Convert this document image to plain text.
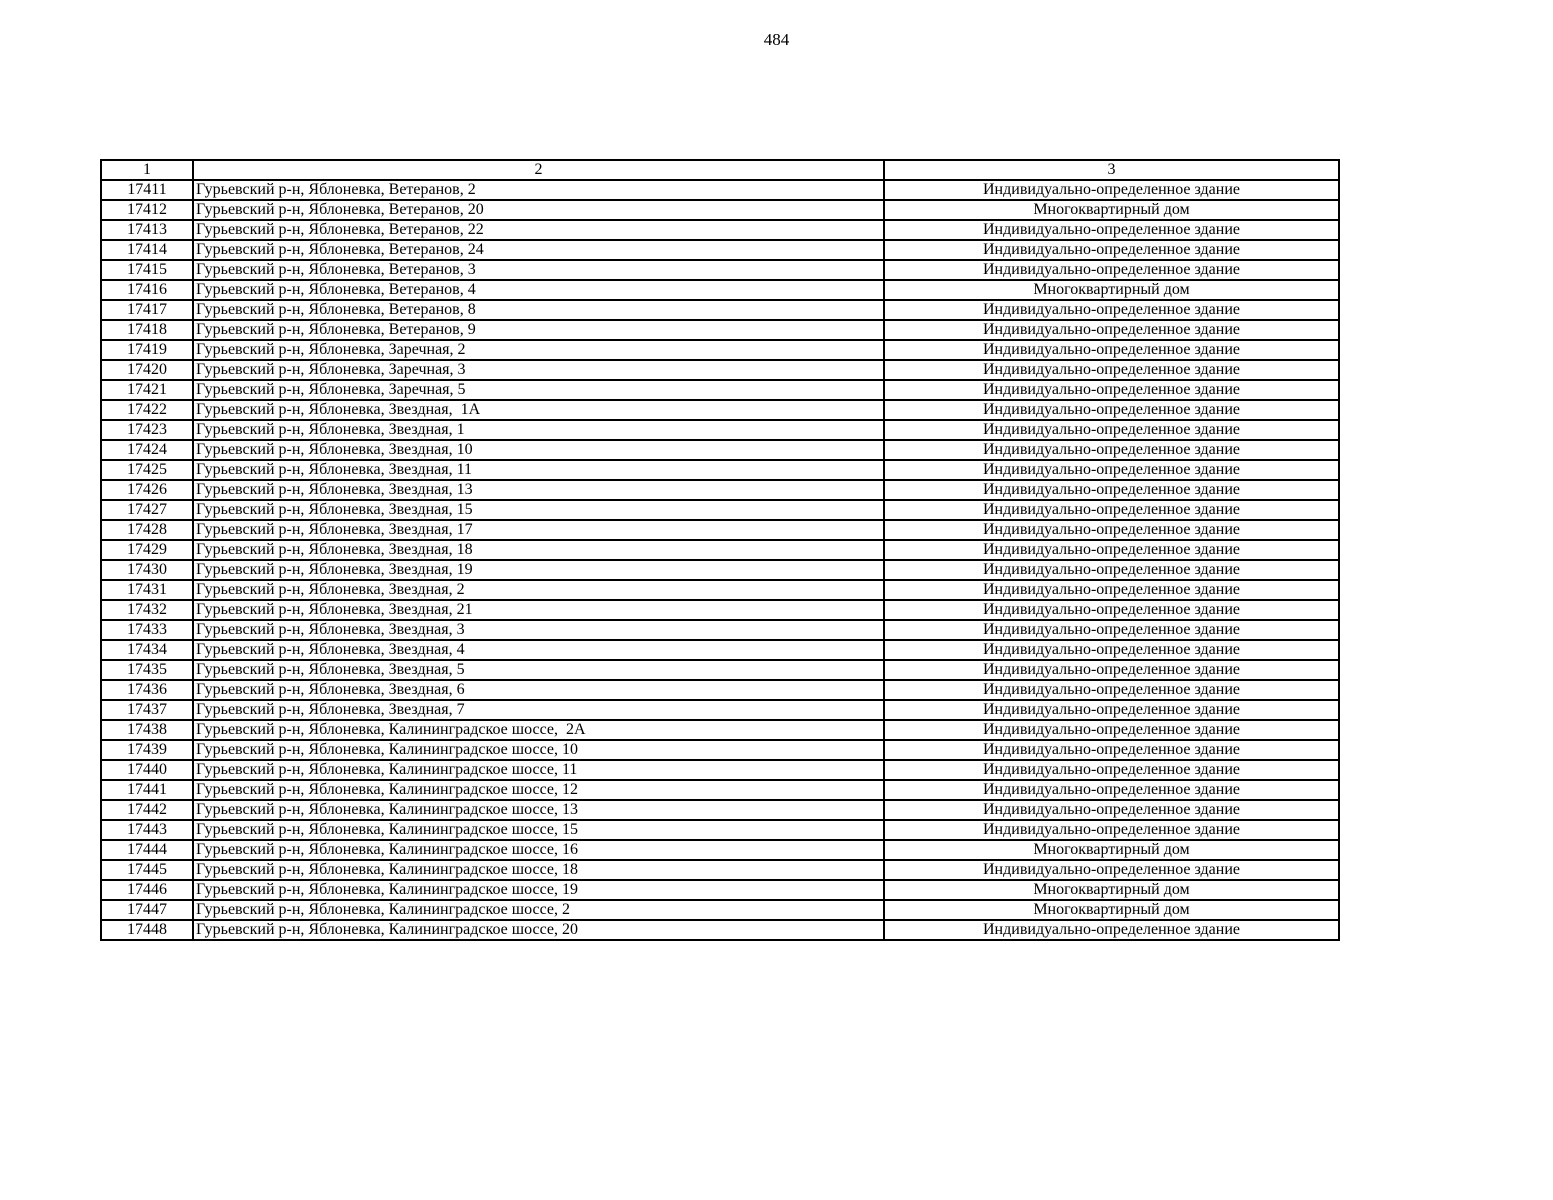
484
1	2	3
17411	Гурьевский р-н, Яблоневка, Ветеранов, 2	Индивидуально-определенное здание
17412	Гурьевский р-н, Яблоневка, Ветеранов, 20	Многоквартирный дом
17413	Гурьевский р-н, Яблоневка, Ветеранов, 22	Индивидуально-определенное здание
17414	Гурьевский р-н, Яблоневка, Ветеранов, 24	Индивидуально-определенное здание
17415	Гурьевский р-н, Яблоневка, Ветеранов, 3	Индивидуально-определенное здание
17416	Гурьевский р-н, Яблоневка, Ветеранов, 4	Многоквартирный дом
17417	Гурьевский р-н, Яблоневка, Ветеранов, 8	Индивидуально-определенное здание
17418	Гурьевский р-н, Яблоневка, Ветеранов, 9	Индивидуально-определенное здание
17419	Гурьевский р-н, Яблоневка, Заречная, 2	Индивидуально-определенное здание
17420	Гурьевский р-н, Яблоневка, Заречная, 3	Индивидуально-определенное здание
17421	Гурьевский р-н, Яблоневка, Заречная, 5	Индивидуально-определенное здание
17422	Гурьевский р-н, Яблоневка, Звездная,  1А	Индивидуально-определенное здание
17423	Гурьевский р-н, Яблоневка, Звездная, 1	Индивидуально-определенное здание
17424	Гурьевский р-н, Яблоневка, Звездная, 10	Индивидуально-определенное здание
17425	Гурьевский р-н, Яблоневка, Звездная, 11	Индивидуально-определенное здание
17426	Гурьевский р-н, Яблоневка, Звездная, 13	Индивидуально-определенное здание
17427	Гурьевский р-н, Яблоневка, Звездная, 15	Индивидуально-определенное здание
17428	Гурьевский р-н, Яблоневка, Звездная, 17	Индивидуально-определенное здание
17429	Гурьевский р-н, Яблоневка, Звездная, 18	Индивидуально-определенное здание
17430	Гурьевский р-н, Яблоневка, Звездная, 19	Индивидуально-определенное здание
17431	Гурьевский р-н, Яблоневка, Звездная, 2	Индивидуально-определенное здание
17432	Гурьевский р-н, Яблоневка, Звездная, 21	Индивидуально-определенное здание
17433	Гурьевский р-н, Яблоневка, Звездная, 3	Индивидуально-определенное здание
17434	Гурьевский р-н, Яблоневка, Звездная, 4	Индивидуально-определенное здание
17435	Гурьевский р-н, Яблоневка, Звездная, 5	Индивидуально-определенное здание
17436	Гурьевский р-н, Яблоневка, Звездная, 6	Индивидуально-определенное здание
17437	Гурьевский р-н, Яблоневка, Звездная, 7	Индивидуально-определенное здание
17438	Гурьевский р-н, Яблоневка, Калининградское шоссе,  2А	Индивидуально-определенное здание
17439	Гурьевский р-н, Яблоневка, Калининградское шоссе, 10	Индивидуально-определенное здание
17440	Гурьевский р-н, Яблоневка, Калининградское шоссе, 11	Индивидуально-определенное здание
17441	Гурьевский р-н, Яблоневка, Калининградское шоссе, 12	Индивидуально-определенное здание
17442	Гурьевский р-н, Яблоневка, Калининградское шоссе, 13	Индивидуально-определенное здание
17443	Гурьевский р-н, Яблоневка, Калининградское шоссе, 15	Индивидуально-определенное здание
17444	Гурьевский р-н, Яблоневка, Калининградское шоссе, 16	Многоквартирный дом
17445	Гурьевский р-н, Яблоневка, Калининградское шоссе, 18	Индивидуально-определенное здание
17446	Гурьевский р-н, Яблоневка, Калининградское шоссе, 19	Многоквартирный дом
17447	Гурьевский р-н, Яблоневка, Калининградское шоссе, 2	Многоквартирный дом
17448	Гурьевский р-н, Яблоневка, Калининградское шоссе, 20	Индивидуально-определенное здание
